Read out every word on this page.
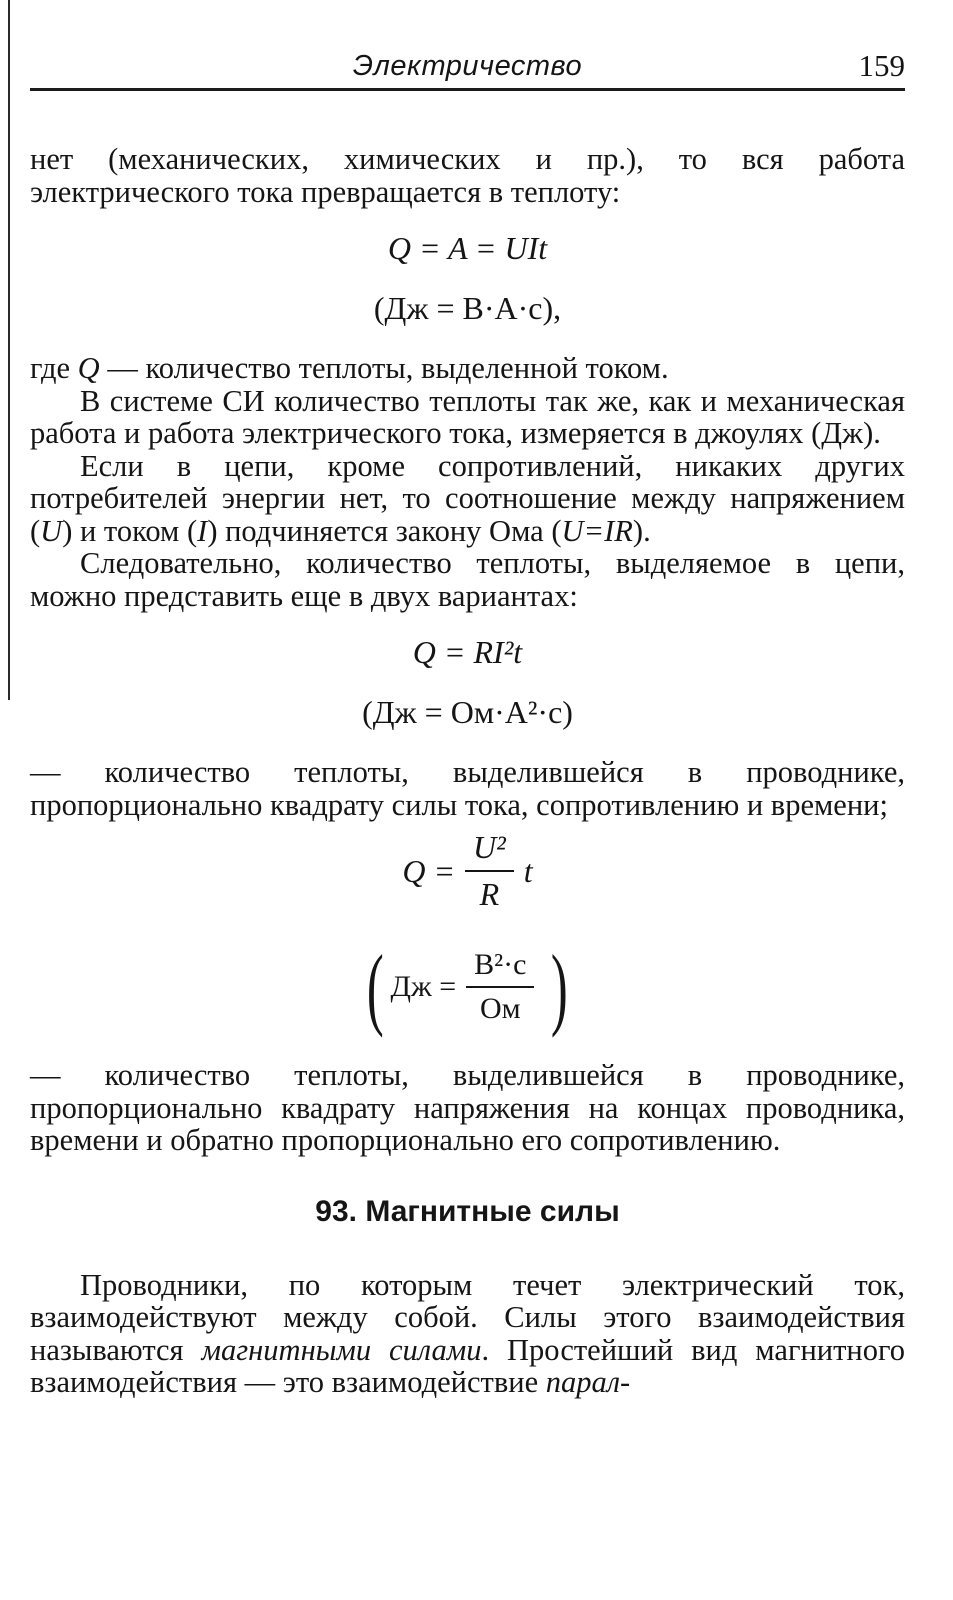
Электричество	159

нет (механических, химических и пр.), то вся работа электрического тока превращается в теплоту:

Q = A = UIt

(Дж = В·А·с),

где Q — количество теплоты, выделенной током.

В системе СИ количество теплоты так же, как и механическая работа и работа электрического тока, измеряется в джоулях (Дж).

Если в цепи, кроме сопротивлений, никаких других потребителей энергии нет, то соотношение между напряжением (U) и током (I) подчиняется закону Ома (U=IR).

Следовательно, количество теплоты, выделяемое в цепи, можно представить еще в двух вариантах:

Q = RI²t

(Дж = Ом·А²·с)

— количество теплоты, выделившейся в проводнике, пропорционально квадрату силы тока, сопротивлению и времени;

$Q = \frac{\text{U²}}{R}$ t
( Дж = $\frac{\text{В²·с}}{Ом}$ )

— количество теплоты, выделившейся в проводнике, пропорционально квадрату напряжения на концах проводника, времени и обратно пропорционально его сопротивлению.

93. Магнитные силы

Проводники, по которым течет электрический ток, взаимодействуют между собой. Силы этого взаимодействия называются магнитными силами. Простейший вид магнитного взаимодействия — это взаимодействие парал-
